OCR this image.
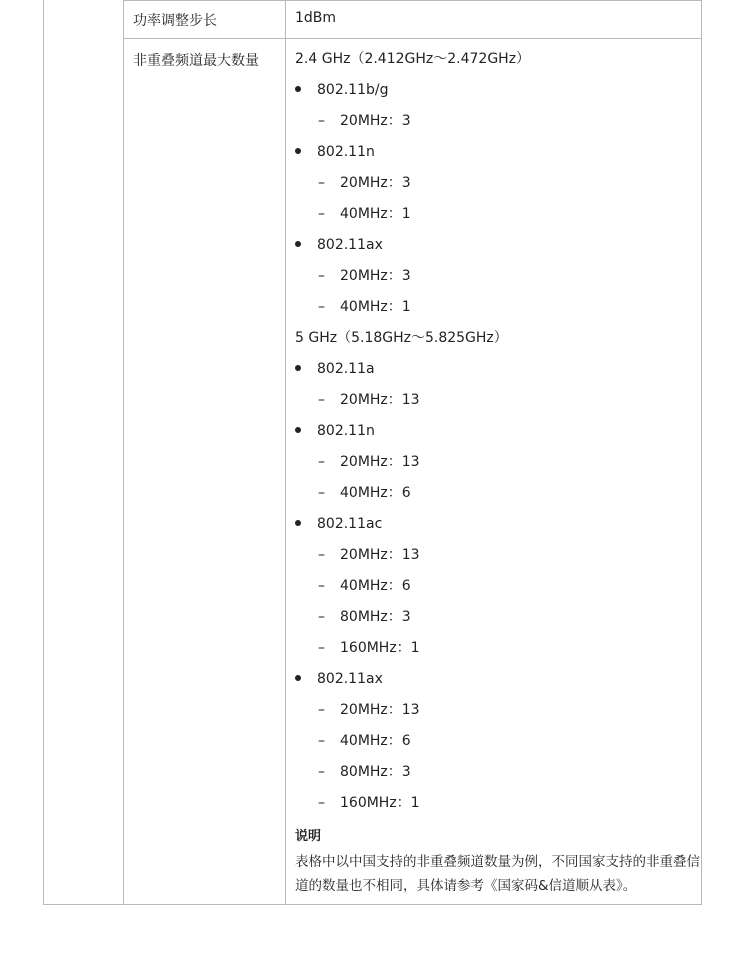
功率调整步长	1dBm
非重叠频道最大数量	2.4 GHz（2.412GHz～2.472GHz）
802.11b/g
– 20MHz：3
802.11n
– 20MHz：3
– 40MHz：1
802.11ax
– 20MHz：3
– 40MHz：1
5 GHz（5.18GHz～5.825GHz）
802.11a
– 20MHz：13
802.11n
– 20MHz：13
– 40MHz：6
802.11ac
– 20MHz：13
– 40MHz：6
– 80MHz：3
– 160MHz：1
802.11ax
– 20MHz：13
– 40MHz：6
– 80MHz：3
– 160MHz：1
说明
表格中以中国支持的非重叠频道数量为例，不同国家支持的非重叠信道的数量也不相同，具体请参考《国家码&信道顺从表》。
